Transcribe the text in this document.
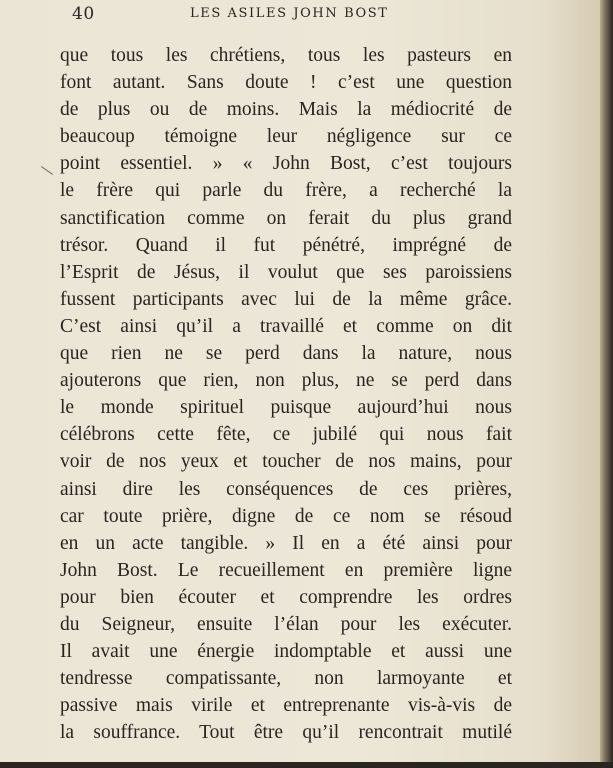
40	LES ASILES JOHN BOST
que tous les chrétiens, tous les pasteurs en
font autant. Sans doute ! c’est une question
de plus ou de moins. Mais la médiocrité de
beaucoup témoigne leur négligence sur ce
point essentiel. » « John Bost, c’est toujours
le frère qui parle du frère, a recherché la
sanctification comme on ferait du plus grand
trésor. Quand il fut pénétré, imprégné de
l’Esprit de Jésus, il voulut que ses paroissiens
fussent participants avec lui de la même grâce.
C’est ainsi qu’il a travaillé et comme on dit
que rien ne se perd dans la nature, nous
ajouterons que rien, non plus, ne se perd dans
le monde spirituel puisque aujourd’hui nous
célébrons cette fête, ce jubilé qui nous fait
voir de nos yeux et toucher de nos mains, pour
ainsi dire les conséquences de ces prières,
car toute prière, digne de ce nom se résoud
en un acte tangible. » Il en a été ainsi pour
John Bost. Le recueillement en première ligne
pour bien écouter et comprendre les ordres
du Seigneur, ensuite l’élan pour les exécuter.
Il avait une énergie indomptable et aussi une
tendresse compatissante, non larmoyante et
passive mais virile et entreprenante vis-à-vis de
la souffrance. Tout être qu’il rencontrait mutilé
